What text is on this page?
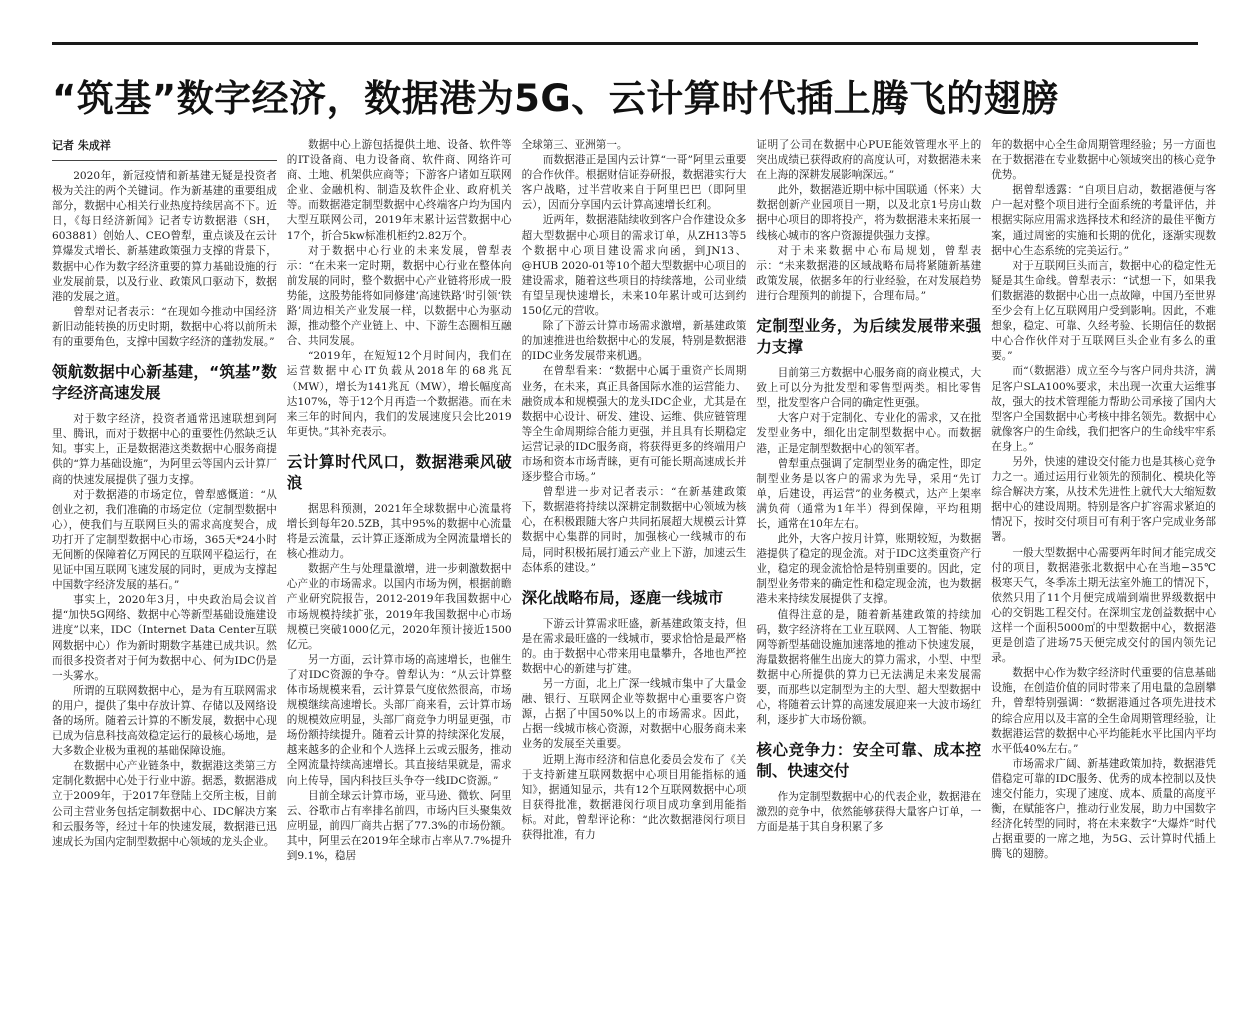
“筑基”数字经济，数据港为5G、云计算时代插上腾飞的翅膀
记者 朱成祥

2020年，新冠疫情和新基建无疑是投资者极为关注的两个关键词。作为新基建的重要组成部分，数据中心相关行业热度持续居高不下。近日，《每日经济新闻》记者专访数据港（SH，603881）创始人、CEO曾犁，重点谈及在云计算爆发式增长、新基建政策强力支撑的背景下，数据中心作为数字经济重要的算力基础设施的行业发展前景，以及行业、政策风口驱动下，数据港的发展之道。

曾犁对记者表示：“在现如今推动中国经济新旧动能转换的历史时期，数据中心将以前所未有的重要角色，支撑中国数字经济的蓬勃发展。”

领航数据中心新基建，“筑基”数字经济高速发展

对于数字经济，投资者通常迅速联想到阿里、腾讯，而对于数据中心的重要性仍然缺乏认知。事实上，正是数据港这类数据中心服务商提供的“算力基础设施”，为阿里云等国内云计算厂商的快速发展提供了强力支撑。

对于数据港的市场定位，曾犁感慨道：“从创业之初，我们准确的市场定位（定制型数据中心），使我们与互联网巨头的需求高度契合，成功打开了定制型数据中心市场，365天*24小时无间断的保障着亿万网民的互联网平稳运行，在见证中国互联网飞速发展的同时，更成为支撑起中国数字经济发展的基石。”

事实上，2020年3月，中央政治局会议首提“加快5G网络、数据中心等新型基础设施建设进度”以来，IDC（Internet Data Center互联网数据中心）作为新时期数字基建已成共识。然而很多投资者对于何为数据中心、何为IDC仍是一头雾水。

所谓的互联网数据中心，是为有互联网需求的用户，提供了集中存放计算、存储以及网络设备的场所。随着云计算的不断发展，数据中心现已成为信息科技高效稳定运行的最核心场地，是大多数企业极为重视的基础保障设施。

在数据中心产业链条中，数据港这类第三方定制化数据中心处于行业中游。据悉，数据港成立于2009年，于2017年登陆上交所主板，目前公司主营业务包括定制数据中心、IDC解决方案和云服务等，经过十年的快速发展，数据港已迅速成长为国内定制型数据中心领域的龙头企业。

数据中心上游包括提供土地、设备、软件等的IT设备商、电力设备商、软件商、网络许可商、土地、机架供应商等；下游客户诸如互联网企业、金融机构、制造及软件企业、政府机关等。而数据港定制型数据中心终端客户均为国内大型互联网公司，2019年末累计运营数据中心17个，折合5kw标准机柜约2.82万个。

对于数据中心行业的未来发展，曾犁表示：“在未来一定时期，数据中心行业在整体向前发展的同时，整个数据中心产业链将形成一股势能，这股势能将如同修建‘高速铁路’时引领‘铁路’周边相关产业发展一样，以数据中心为驱动源，推动整个产业链上、中、下游生态圈相互融合、共同发展。

“2019年，在短短12个月时间内，我们在运营数据中心IT负载从2018年的68兆瓦（MW），增长为141兆瓦（MW），增长幅度高达107%，等于12个月再造一个数据港。而在未来三年的时间内，我们的发展速度只会比2019年更快。”其补充表示。

云计算时代风口，数据港乘风破浪

据思科预测，2021年全球数据中心流量将增长到每年20.5ZB，其中95%的数据中心流量将是云流量，云计算正逐渐成为全网流量增长的核心推动力。

数据产生与处理量激增，进一步刺激数据中心产业的市场需求。以国内市场为例，根据前瞻产业研究院报告，2012-2019年我国数据中心市场规模持续扩张，2019年我国数据中心市场规模已突破1000亿元，2020年预计接近1500亿元。

另一方面，云计算市场的高速增长，也催生了对IDC资源的争夺。曾犁认为：“从云计算整体市场规模来看，云计算景气度依然很高，市场规模继续高速增长。头部厂商来看，云计算市场的规模效应明显，头部厂商竞争力明显更强，市场份额持续提升。随着云计算的持续深化发展，越来越多的企业和个人选择上云或云服务，推动全网流量持续高速增长。其直接结果就是，需求向上传导，国内科技巨头争夺一线IDC资源。”

目前全球云计算市场，亚马逊、微软、阿里云、谷歌市占有率排名前四，市场内巨头聚集效应明显，前四厂商共占据了77.3%的市场份额。其中，阿里云在2019年全球市占率从7.7%提升到9.1%，稳居

全球第三、亚洲第一。

而数据港正是国内云计算“一哥”阿里云重要的合作伙伴。根据财信证券研报，数据港实行大客户战略，过半营收来自于阿里巴巴（即阿里云），因而分享国内云计算高速增长红利。

近两年，数据港陆续收到客户合作建设众多超大型数据中心项目的需求订单，从ZH13等5个数据中心项目建设需求向函，到JN13、@HUB 2020-01等10个超大型数据中心项目的建设需求，随着这些项目的持续落地，公司业绩有望呈现快速增长，未来10年累计或可达到约150亿元的营收。

除了下游云计算市场需求激增，新基建政策的加速推进也给数据中心的发展，特别是数据港的IDC业务发展带来机遇。

在曾犁看来：“数据中心属于重资产长周期业务，在未来，真正具备国际水准的运营能力、融资成本和规模强大的龙头IDC企业，尤其是在数据中心设计、研发、建设、运维、供应链管理等全生命周期综合能力更强，并且具有长期稳定运营记录的IDC服务商，将获得更多的终端用户市场和资本市场青睐，更有可能长期高速成长并逐步整合市场。”

曾犁进一步对记者表示：“在新基建政策下，数据港将持续以深耕定制数据中心领域为核心，在积极跟随大客户共同拓展超大规模云计算数据中心集群的同时，加强核心一线城市的布局，同时积极拓展打通云产业上下游，加速云生态体系的建设。”

深化战略布局，逐鹿一线城市

下游云计算需求旺盛，新基建政策支持，但是在需求最旺盛的一线城市，要求恰恰是最严格的。由于数据中心带来用电量攀升，各地也严控数据中心的新建与扩建。

另一方面，北上广深一线城市集中了大量金融、银行、互联网企业等数据中心重要客户资源，占据了中国50%以上的市场需求。因此，占据一线城市核心资源，对数据中心服务商未来业务的发展至关重要。

近期上海市经济和信息化委员会发布了《关于支持新建互联网数据中心项目用能指标的通知》，据通知显示，共有12个互联网数据中心项目获得批准，数据港闵行项目成功拿到用能指标。对此，曾犁评论称：“此次数据港闵行项目获得批准，有力

证明了公司在数据中心PUE能效管理水平上的突出成绩已获得政府的高度认可，对数据港未来在上海的深耕发展影响深远。”

此外，数据港近期中标中国联通（怀来）大数据创新产业园项目一期，以及北京1号房山数据中心项目的即将投产，将为数据港未来拓展一线核心城市的客户资源提供强力支撑。

对于未来数据中心布局规划，曾犁表示：“未来数据港的区域战略布局将紧随新基建政策发展，依据多年的行业经验，在对发展趋势进行合理预判的前提下，合理布局。”

定制型业务，为后续发展带来强力支撑

目前第三方数据中心服务商的商业模式，大致上可以分为批发型和零售型两类。相比零售型，批发型客户合同的确定性更强。

大客户对于定制化、专业化的需求，又在批发型业务中，细化出定制型数据中心。而数据港，正是定制型数据中心的领军者。

曾犁重点强调了定制型业务的确定性，即定制型业务是以客户的需求为先导，采用“先订单，后建设，再运营”的业务模式，达产上架率满负荷（通常为1年半）得到保障，平均租期长，通常在10年左右。

此外，大客户按月计算，账期较短，为数据港提供了稳定的现金流。对于IDC这类重资产行业，稳定的现金流恰恰是特别重要的。因此，定制型业务带来的确定性和稳定现金流，也为数据港未来持续发展提供了支撑。

值得注意的是，随着新基建政策的持续加码，数字经济将在工业互联网、人工智能、物联网等新型基础设施加速落地的推动下快速发展，海量数据将催生出庞大的算力需求，小型、中型数据中心所提供的算力已无法满足未来发展需要，而那些以定制型为主的大型、超大型数据中心，将随着云计算的高速发展迎来一大波市场红利，逐步扩大市场份额。

核心竞争力：安全可靠、成本控制、快速交付

作为定制型数据中心的代表企业，数据港在激烈的竞争中，依然能够获得大量客户订单，一方面是基于其自身积累了多

年的数据中心全生命周期管理经验；另一方面也在于数据港在专业数据中心领域突出的核心竞争优势。

据曾犁透露：“自项目启动，数据港便与客户一起对整个项目进行全面系统的考量评估，并根据实际应用需求选择技术和经济的最佳平衡方案，通过周密的实施和长期的优化，逐渐实现数据中心生态系统的完美运行。”

对于互联网巨头而言，数据中心的稳定性无疑是其生命线。曾犁表示：“试想一下，如果我们数据港的数据中心出一点故障，中国乃至世界至少会有上亿互联网用户受到影响。因此，不难想象，稳定、可靠、久经考验、长期信任的数据中心合作伙伴对于互联网巨头企业有多么的重要。”

而“（数据港）成立至今与客户同舟共济，满足客户SLA100%要求，未出现一次重大运维事故，强大的技术管理能力帮助公司承接了国内大型客户全国数据中心考核中排名领先。数据中心就像客户的生命线，我们把客户的生命线牢牢系在身上。”

另外，快速的建设交付能力也是其核心竞争力之一。通过运用行业领先的预制化、模块化等综合解决方案，从技术先进性上就代大大缩短数据中心的建设周期。特别是客户扩容需求紧迫的情况下，按时交付项目可有利于客户完成业务部署。

一般大型数据中心需要两年时间才能完成交付的项目，数据港张北数据中心在当地−35℃极寒天气，冬季冻土期无法室外施工的情况下，依然只用了11个月便完成端到端世界级数据中心的交钥匙工程交付。在深圳宝龙创益数据中心这样一个面积5000㎡的中型数据中心，数据港更是创造了进场75天便完成交付的国内领先记录。

数据中心作为数字经济时代重要的信息基础设施，在创造价值的同时带来了用电量的急剧攀升，曾犁特别强调：“数据港通过各项先进技术的综合应用以及丰富的全生命周期管理经验，让数据港运营的数据中心平均能耗水平比国内平均水平低40%左右。”

市场需求广阔、新基建政策加持，数据港凭借稳定可靠的IDC服务、优秀的成本控制以及快速交付能力，实现了速度、成本、质量的高度平衡，在赋能客户，推动行业发展，助力中国数字经济化转型的同时，将在未来数字“大爆炸”时代占据重要的一席之地，为5G、云计算时代插上腾飞的翅膀。
